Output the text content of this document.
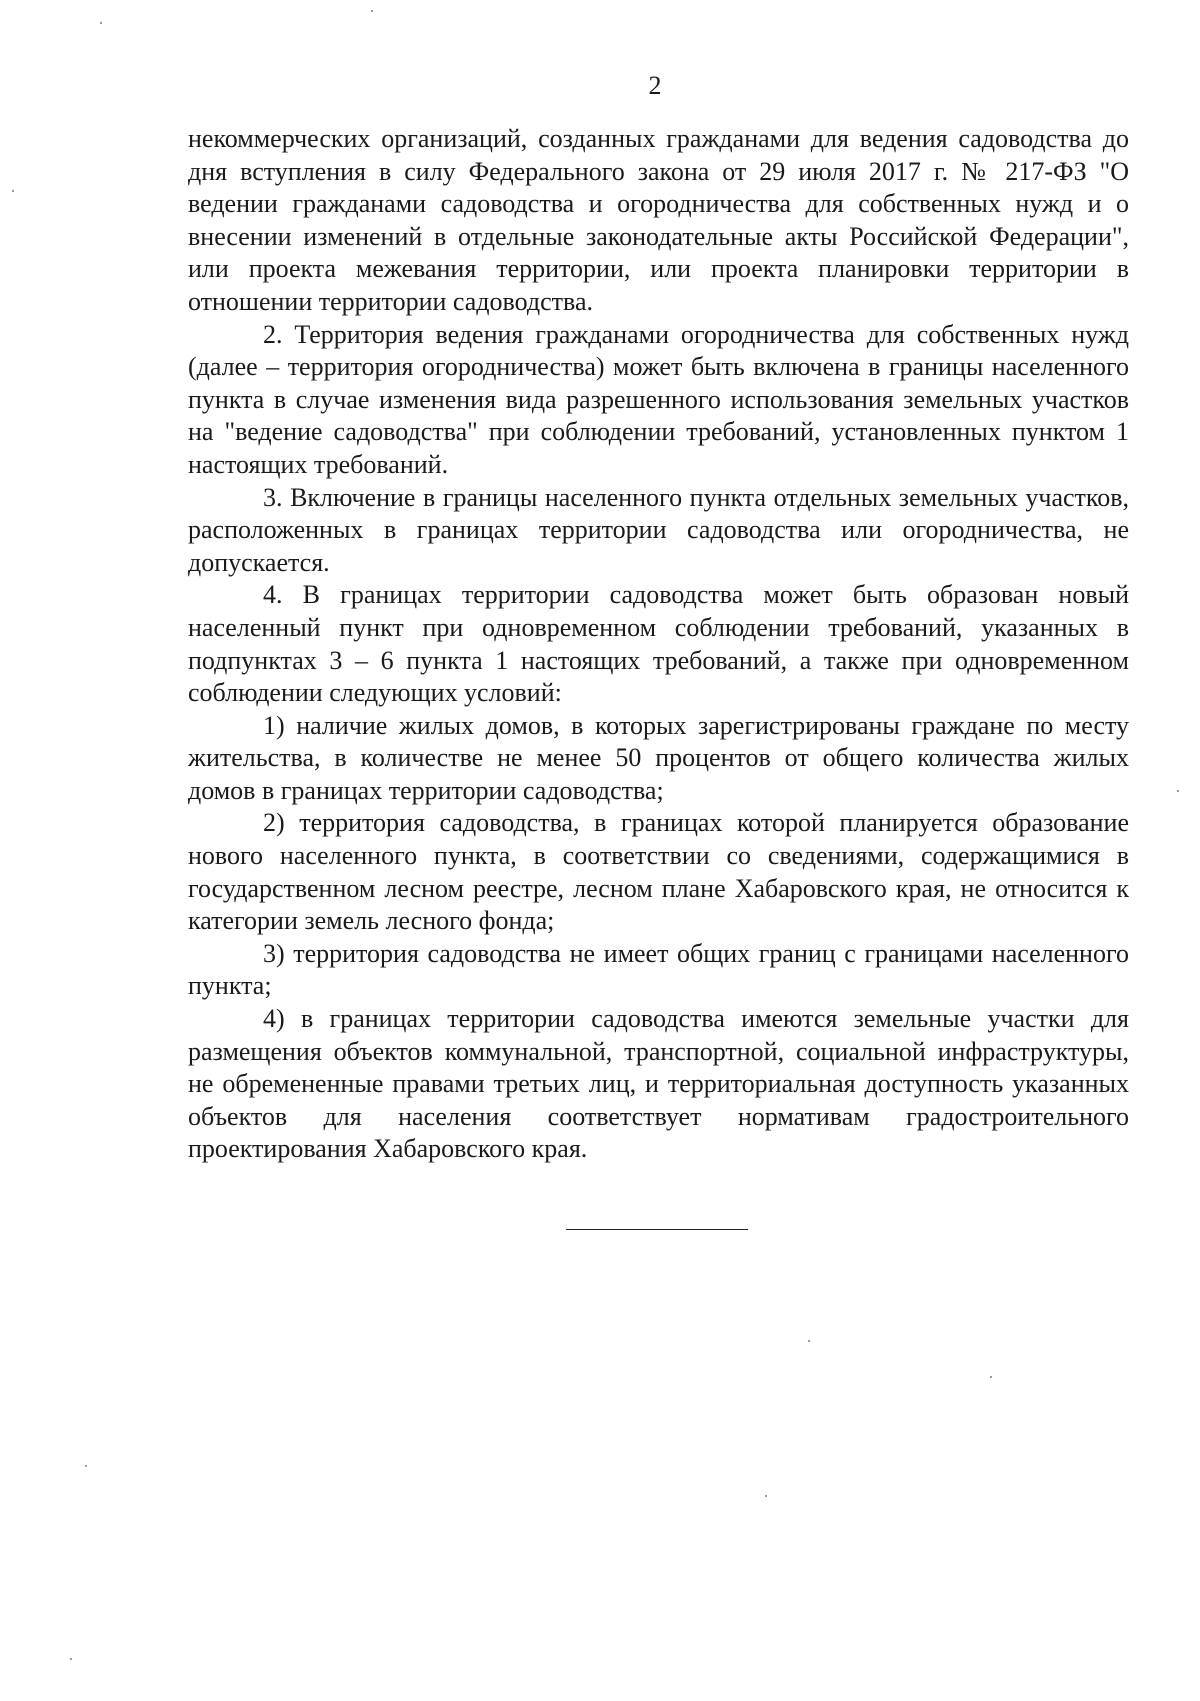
2

некоммерческих организаций, созданных гражданами для ведения садоводства до дня вступления в силу Федерального закона от 29 июля 2017 г. № 217-ФЗ "О ведении гражданами садоводства и огородничества для собственных нужд и о внесении изменений в отдельные законодательные акты Российской Федерации", или проекта межевания территории, или проекта планировки территории в отношении территории садоводства.

2. Территория ведения гражданами огородничества для собственных нужд (далее – территория огородничества) может быть включена в границы населенного пункта в случае изменения вида разрешенного использования земельных участков на "ведение садоводства" при соблюдении требований, установленных пунктом 1 настоящих требований.

3. Включение в границы населенного пункта отдельных земельных участков, расположенных в границах территории садоводства или огородничества, не допускается.

4. В границах территории садоводства может быть образован новый населенный пункт при одновременном соблюдении требований, указанных в подпунктах 3 – 6 пункта 1 настоящих требований, а также при одновременном соблюдении следующих условий:

1) наличие жилых домов, в которых зарегистрированы граждане по месту жительства, в количестве не менее 50 процентов от общего количества жилых домов в границах территории садоводства;

2) территория садоводства, в границах которой планируется образование нового населенного пункта, в соответствии со сведениями, содержащимися в государственном лесном реестре, лесном плане Хабаровского края, не относится к категории земель лесного фонда;

3) территория садоводства не имеет общих границ с границами населенного пункта;

4) в границах территории садоводства имеются земельные участки для размещения объектов коммунальной, транспортной, социальной инфраструктуры, не обремененные правами третьих лиц, и территориальная доступность указанных объектов для населения соответствует нормативам градостроительного проектирования Хабаровского края.
